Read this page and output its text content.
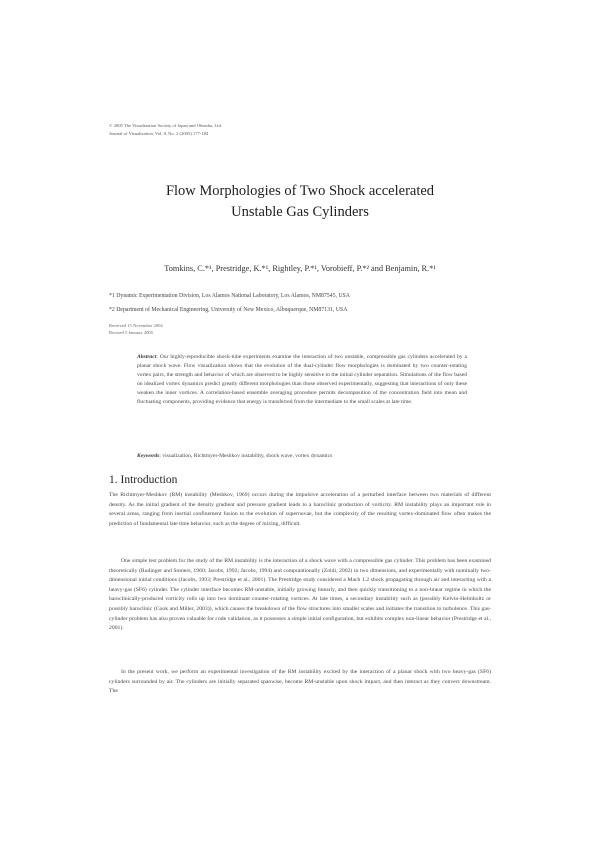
© 2005 The Visualization Society of Japan and Ohmsha, Ltd.
Journal of Visualization, Vol. 8, No. 2 (2005) 177-184
Flow Morphologies of Two Shock accelerated
Unstable Gas Cylinders
Tomkins, C.*¹, Prestridge, K.*¹, Rightley, P.*¹, Vorobieff, P.*² and Benjamin, R.*¹
*1 Dynamic Experimentation Division, Los Alamos National Laboratory, Los Alamos, NM87545, USA
*2 Department of Mechanical Engineering, University of New Mexico, Albuquerque, NM87131, USA
Received 15 November 2004
Revised 5 January 2005
Abstract: Our highly-reproducible shock-tube experiments examine the interaction of two unstable, compressible gas cylinders accelerated by a planar shock wave. Flow visualization shows that the evolution of the dual-cylinder flow morphologies is dominated by two counter-rotating vortex pairs, the strength and behavior of which are observed to be highly sensitive to the initial cylinder separation. Simulations of the flow based on idealized vortex dynamics predict greatly different morphologies than those observed experimentally, suggesting that interactions of only these weaken the inner vortices. A correlation-based ensemble averaging procedure permits decomposition of the concentration field into mean and fluctuating components, providing evidence that energy is transferred from the intermediate to the small scales at late time.
Keywords: visualization, Richtmyer-Meshkov instability, shock wave, vortex dynamics
1. Introduction

The Richtmyer-Meshkov (RM) instability (Meshkov, 1969) occurs during the impulsive acceleration of a perturbed interface between two materials of different density. As the initial gradient of the density gradient and pressure gradient leads to a baroclinic production of vorticity. RM instability plays an important role in several areas, ranging from inertial confinement fusion to the evolution of supernovae, but the complexity of the resulting vortex-dominated flow often makes the prediction of fundamental late time behavior, such as the degree of mixing, difficult.

One simple test problem for the study of the RM instability is the interaction of a shock wave with a compressible gas cylinder. This problem has been examined theoretically (Rudinger and Somers, 1960; Jacobs, 1992; Jacobs, 1994) and computationally (Zoldi, 2002) in two dimensions, and experimentally with nominally two-dimensional initial conditions (Jacobs, 1993; Prestridge et al., 2001). The Prestridge study considered a Mach 1.2 shock propagating through air and interacting with a heavy-gas (SF6) cylinder. The cylinder interface becomes RM-unstable, initially growing linearly, and then quickly transitioning to a non-linear regime in which the baroclinically-produced vorticity rolls up into two dominant counter-rotating vortices. At late times, a secondary instability such as (possibly Kelvin-Helmholtz or possibly baroclinic (Cook and Miller, 2003)), which causes the breakdown of the flow structures into smaller scales and initiates the transition to turbulence. This gas-cylinder problem has also proven valuable for code validation, as it possesses a simple initial configuration, but exhibits complex non-linear behavior (Prestridge et al., 2001).

In the present work, we perform an experimental investigation of the RM instability excited by the interaction of a planar shock with two heavy-gas (SF6) cylinders surrounded by air. The cylinders are initially separated spanwise, become RM-unstable upon shock impact, and then interact as they convect downstream. The
